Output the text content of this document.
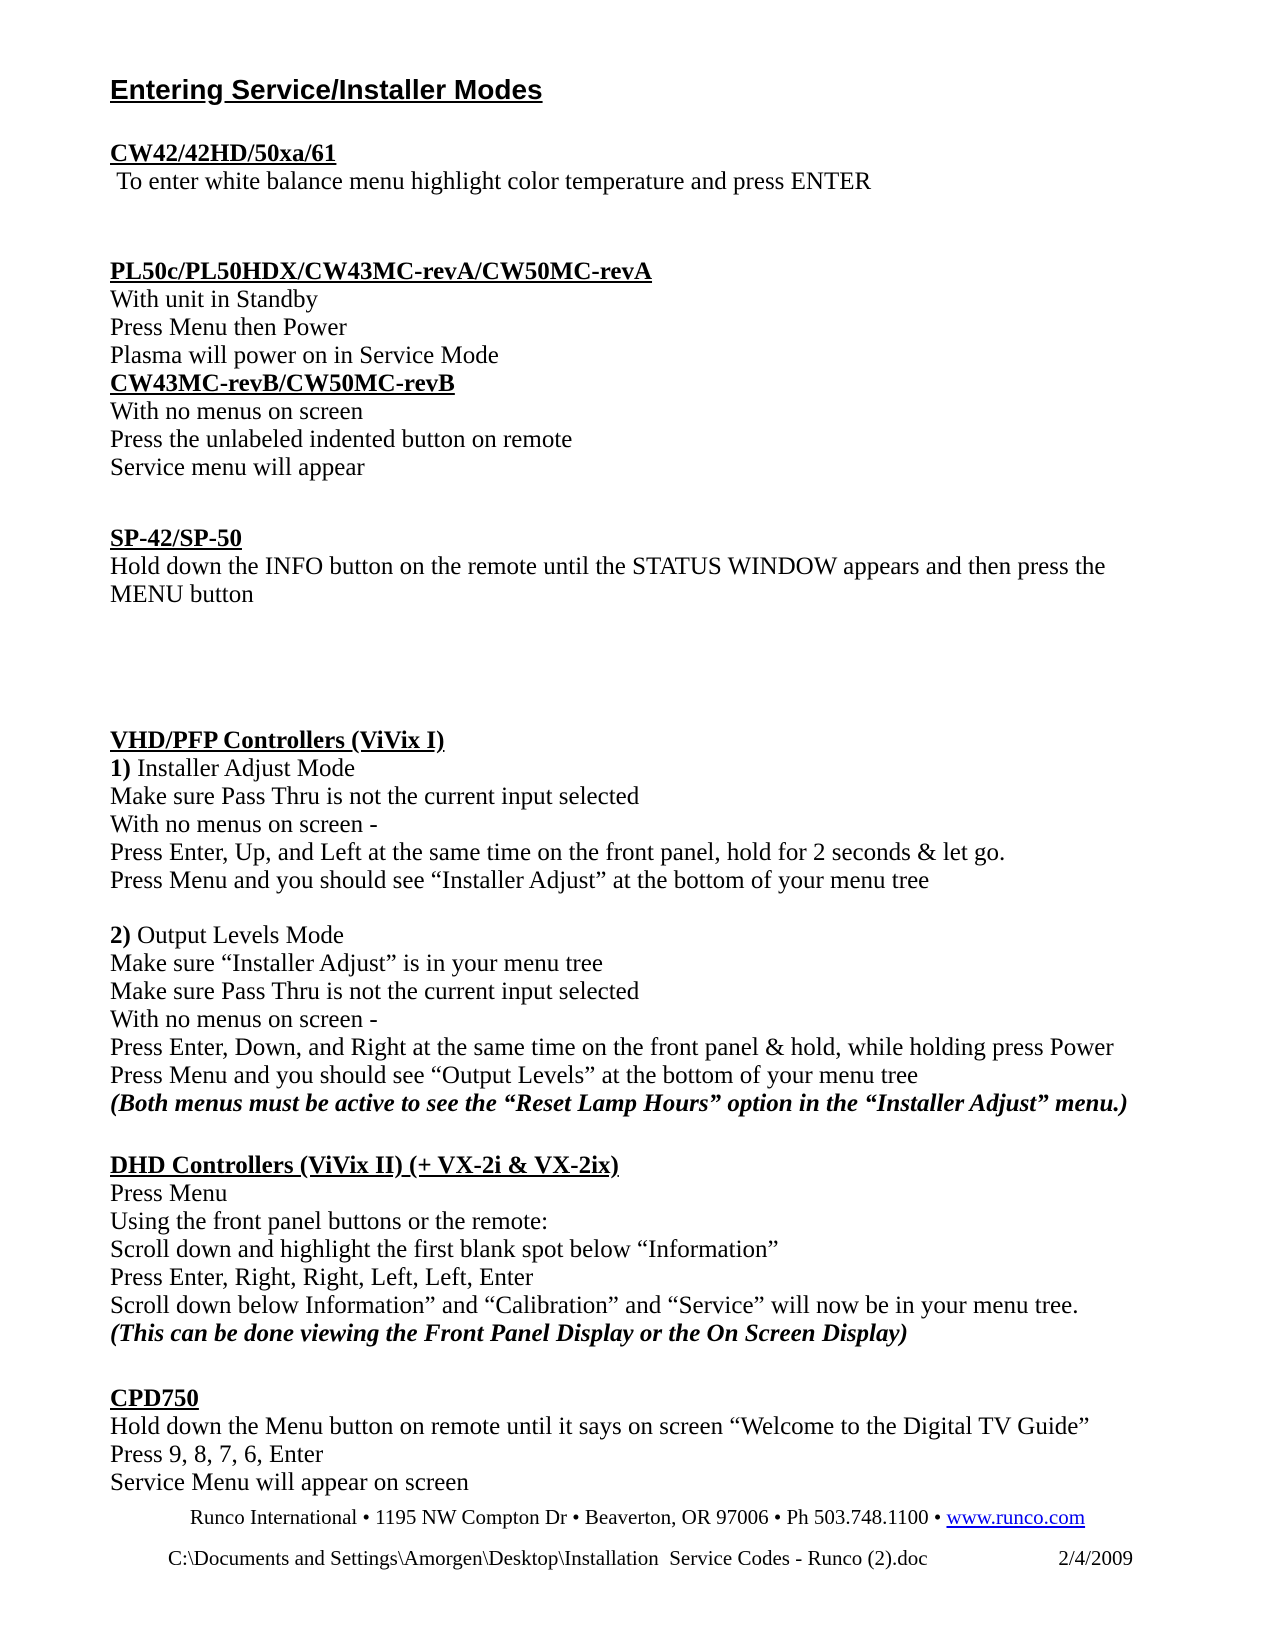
Entering Service/Installer Modes
CW42/42HD/50xa/61
To enter white balance menu highlight color temperature and press ENTER
PL50c/PL50HDX/CW43MC-revA/CW50MC-revA
With unit in Standby
Press Menu then Power
Plasma will power on in Service Mode
CW43MC-revB/CW50MC-revB
With no menus on screen
Press the unlabeled indented button on remote
Service menu will appear
SP-42/SP-50
Hold down the INFO button on the remote until the STATUS WINDOW appears and then press the MENU button
VHD/PFP Controllers (ViVix I)
1) Installer Adjust Mode
Make sure Pass Thru is not the current input selected
With no menus on screen -
Press Enter, Up, and Left at the same time on the front panel, hold for 2 seconds & let go.
Press Menu and you should see “Installer Adjust” at the bottom of your menu tree
2) Output Levels Mode
Make sure “Installer Adjust” is in your menu tree
Make sure Pass Thru is not the current input selected
With no menus on screen -
Press Enter, Down, and Right at the same time on the front panel & hold, while holding press Power
Press Menu and you should see “Output Levels” at the bottom of your menu tree
(Both menus must be active to see the “Reset Lamp Hours” option in the “Installer Adjust” menu.)
DHD Controllers (ViVix II) (+ VX-2i & VX-2ix)
Press Menu
Using the front panel buttons or the remote:
Scroll down and highlight the first blank spot below “Information”
Press Enter, Right, Right, Left, Left, Enter
Scroll down below Information” and “Calibration” and “Service” will now be in your menu tree.
(This can be done viewing the Front Panel Display or the On Screen Display)
CPD750
Hold down the Menu button on remote until it says on screen “Welcome to the Digital TV Guide”
Press 9, 8, 7, 6, Enter
Service Menu will appear on screen
Runco International • 1195 NW Compton Dr • Beaverton, OR 97006 • Ph 503.748.1100 • www.runco.com
C:\Documents and Settings\Amorgen\Desktop\Installation  Service Codes - Runco (2).doc	2/4/2009
